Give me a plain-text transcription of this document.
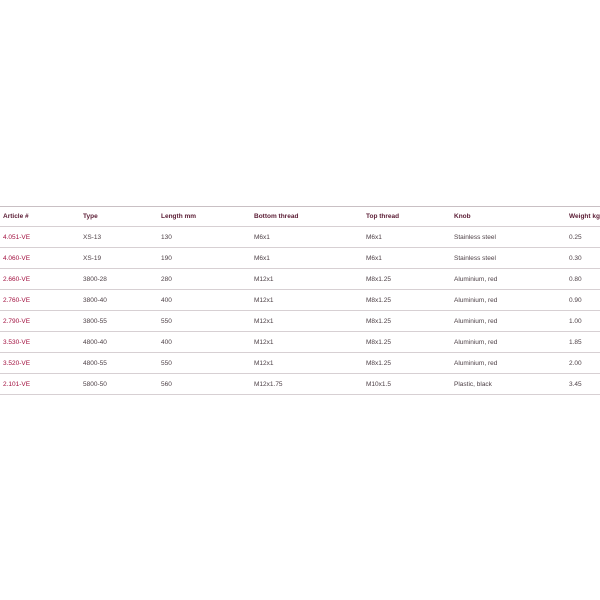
Article #	Type	Length mm	Bottom thread	Top thread	Knob	Weight kg
4.051-VE	XS-13	130	M6x1	M6x1	Stainless steel	0.25
4.060-VE	XS-19	190	M6x1	M6x1	Stainless steel	0.30
2.660-VE	3800-28	280	M12x1	M8x1.25	Aluminium, red	0.80
2.760-VE	3800-40	400	M12x1	M8x1.25	Aluminium, red	0.90
2.790-VE	3800-55	550	M12x1	M8x1.25	Aluminium, red	1.00
3.530-VE	4800-40	400	M12x1	M8x1.25	Aluminium, red	1.85
3.520-VE	4800-55	550	M12x1	M8x1.25	Aluminium, red	2.00
2.101-VE	5800-50	560	M12x1.75	M10x1.5	Plastic, black	3.45
